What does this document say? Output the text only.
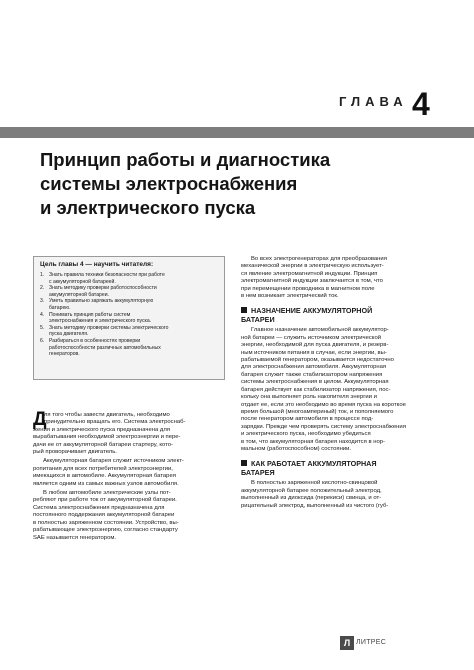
ГЛАВА 4
Принцип работы и диагностика
системы электроснабжения
и электрического пуска
Цель главы 4 — научить читателя:
1. Знать правила техники безопасности при работе
с аккумуляторной батареей.
2. Знать методику проверки работоспособности
аккумуляторной батареи.
3. Уметь правильно заряжать аккумуляторную
батарею.
4. Понимать принцип работы систем
электроснабжения и электрического пуска.
5. Знать методику проверки системы электрического
пуска двигателя.
6. Разбираться в особенностях проверки
работоспособности различных автомобильных
генераторов.
Д

ля того чтобы завести двигатель, необходимо
принудительно вращать его. Система электроснаб-
жения и электрического пуска предназначена для
вырабатывания необходимой электроэнергии и пере-
дачи ее от аккумуляторной батареи стартеру, кото-
рый проворачивает двигатель.

Аккумуляторная батарея служит источником элект-
ропитания для всех потребителей электроэнергии,
имеющихся в автомобиле. Аккумуляторная батарея
является одним из самых важных узлов автомобиля.

В любом автомобиле электрические узлы пот-
ребляют при работе ток от аккумуляторной батареи.
Система электроснабжения предназначена для
постоянного поддержания аккумуляторной батареи
в полностью заряженном состоянии. Устройство, вы-
рабатывающее электроэнергию, согласно стандарту
SAE называется генератором.

Во всех электрогенераторах для преобразования
механической энергии в электрическую использует-
ся явление электромагнитной индукции. Принцип
электромагнитной индукции заключается в том, что
при перемещении проводника в магнитном поле
в нем возникает электрический ток.

НАЗНАЧЕНИЕ АККУМУЛЯТОРНОЙ
БАТАРЕИ

Главное назначение автомобильной аккумулятор-
ной батареи — служить источником электрической
энергии, необходимой для пуска двигателя, и резерв-
ным источником питания в случае, если энергии, вы-
рабатываемой генератором, оказывается недостаточно
для электроснабжения автомобиля. Аккумуляторная
батарея служит также стабилизатором напряжения
системы электроснабжения в целом. Аккумуляторная
батарея действует как стабилизатор напряжения, пос-
кольку она выполняет роль накопителя энергии и
отдает ее, если это необходимо во время пуска на короткое
время большой (многоампериный) ток, и пополняемого
после генератором автомобиля в процессе под-
зарядки. Прежде чем проверять систему электроснабжения
и электрического пуска, необходимо убедиться
в том, что аккумуляторная батарея находится в нор-
мальном (работоспособном) состоянии.

КАК РАБОТАЕТ АККУМУЛЯТОРНАЯ
БАТАРЕЯ

В полностью заряженной кислотно-свинцовой
аккумуляторной батарее положительный электрод,
выполненный из диоксида (перекиси) свинца, и от-
рицательный электрод, выполненный из чистого (губ-

Л ЛИТРЕС
